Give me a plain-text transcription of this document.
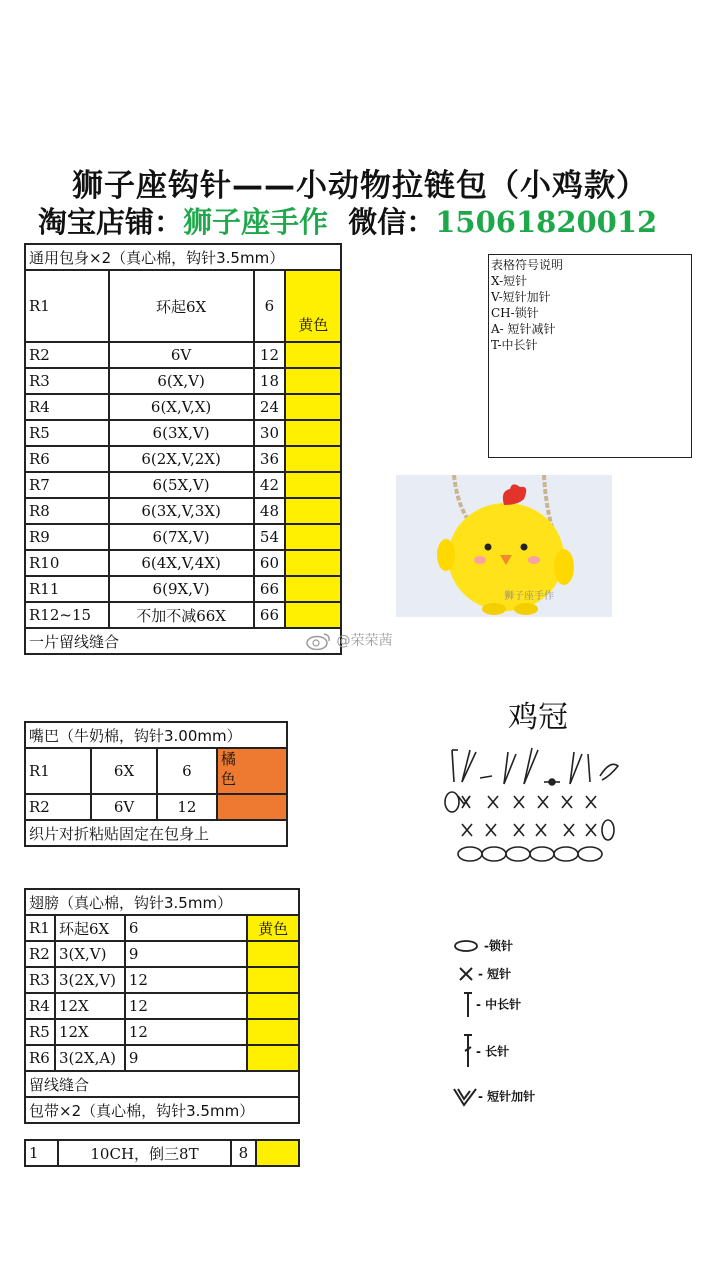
狮子座钩针——小动物拉链包（小鸡款）
淘宝店铺：狮子座手作 微信：15061820012
通用包身×2（真心棉，钩针3.5mm）			
R1	环起6X	6	黄色
R2	6V	12	
R3	6(X,V)	18	
R4	6(X,V,X)	24	
R5	6(3X,V)	30	
R6	6(2X,V,2X)	36	
R7	6(5X,V)	42	
R8	6(3X,V,3X)	48	
R9	6(7X,V)	54	
R10	6(4X,V,4X)	60	
R11	6(9X,V)	66	
R12~15	不加不减66X	66	
一片留线缝合			
表格符号说明
X-短针
V-短针加针
CH-锁针
A- 短针减针
T-中长针
狮子座手作
@荣荣茜
嘴巴（牛奶棉，钩针3.00mm）			
R1	6X	6	橘色

R2	6V	12	
织片对折粘贴固定在包身上			
鸡冠
翅膀（真心棉，钩针3.5mm）			
R1	环起6X	6	黄色
R2	3(X,V)	9	
R3	3(2X,V)	12	
R4	12X	12	
R5	12X	12	
R6	3(2X,A)	9	
留线缝合			
包带×2（真心棉，钩针3.5mm）			
1	10CH，倒三8T	8	
-锁针
- 短针
- 中长针
- 长针
- 短针加针
